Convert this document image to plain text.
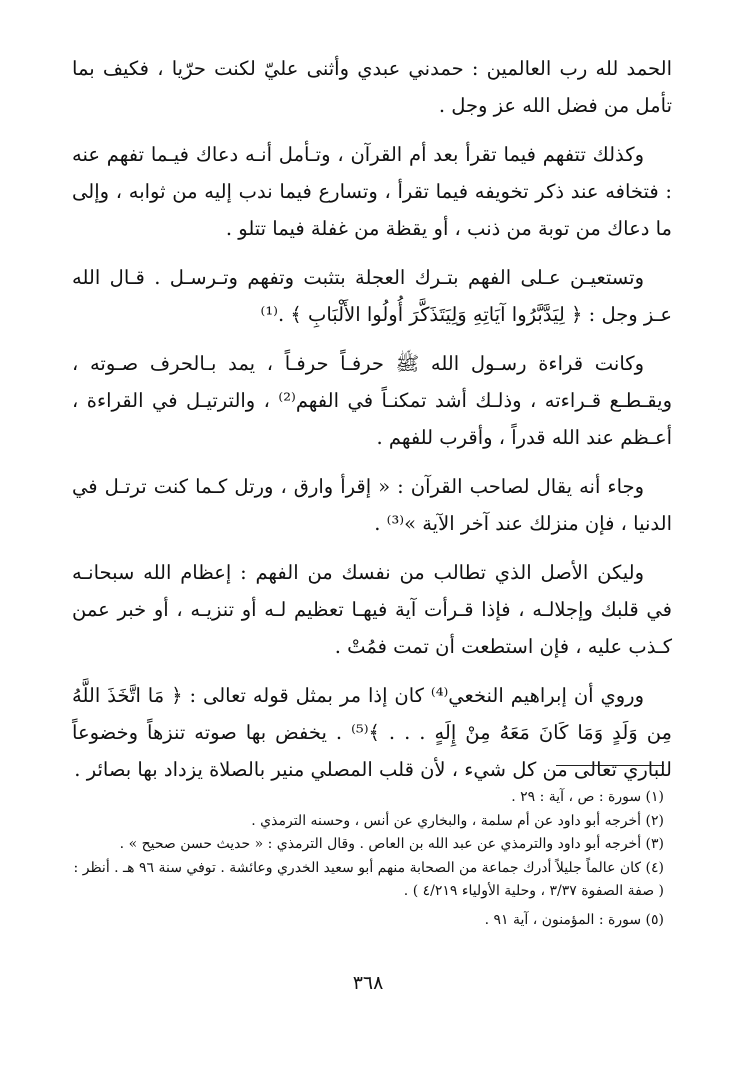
الحمد لله رب العالمين : حمدني عبدي وأثنى عليّ لكنت حرّيا ، فكيف بما تأمل من فضل الله عز وجل .

وكذلك تتفهم فيما تقرأ بعد أم القرآن ، وتـأمل أنـه دعاك فيـما تفهم عنه : فتخافه عند ذكر تخويفه فيما تقرأ ، وتسارع فيما ندب إليه من ثوابه ، وإلى ما دعاك من توبة من ذنب ، أو يقظة من غفلة فيما تتلو .

وتستعيـن عـلى الفهم بتـرك العجلة بتثبت وتفهم وتـرسـل . قـال الله عـز وجل : ﴿ لِيَدَّبَّرُوا آيَاتِهِ وَلِيَتَذَكَّرَ أُولُوا الأَلْبَابِ ﴾ .⁽¹⁾

وكانت قراءة رسـول الله ﷺ حرفـاً حرفـاً ، يمد بـالحرف صـوته ، ويقـطـع قـراءته ، وذلـك أشد تمكنـاً في الفهم⁽²⁾ ، والترتيـل في القراءة ، أعـظم عند الله قدراً ، وأقرب للفهم .

وجاء أنه يقال لصاحب القرآن : « إقرأ وارق ، ورتل كـما كنت ترتـل في الدنيا ، فإن منزلك عند آخر الآية »⁽³⁾ .

وليكن الأصل الذي تطالب من نفسك من الفهم : إعظام الله سبحانـه في قلبك وإجلالـه ، فإذا قـرأت آية فيهـا تعظيم لـه أو تنزيـه ، أو خبر عمن كـذب عليه ، فإن استطعت أن تمت فمُتْ .

وروي أن إبراهيم النخعي⁽⁴⁾ كان إذا مر بمثل قوله تعالى : ﴿ مَا اتَّخَذَ اللَّهُ مِن وَلَدٍ وَمَا كَانَ مَعَهُ مِنْ إِلَهٍ . . . ﴾⁽⁵⁾ . يخفض بها صوته تنزهاً وخضوعاً للباري تعالى من كل شيء ، لأن قلب المصلي منير بالصلاة يزداد بها بصائر .

(١) سورة : ص ، آية : ٢٩ .

(٢) أخرجه أبو داود عن أم سلمة ، والبخاري عن أنس ، وحسنه الترمذي .

(٣) أخرجه أبو داود والترمذي عن عبد الله بن العاص . وقال الترمذي : « حديث حسن صحيح » .

(٤) كان عالماً جليلاً أدرك جماعة من الصحابة منهم أبو سعيد الخدري وعائشة . توفي سنة ٩٦ هـ . أنظر : ( صفة الصفوة ٣/٣٧ ، وحلية الأولياء ٤/٢١٩ ) .

(٥) سورة : المؤمنون ، آية ٩١ .

٣٦٨
